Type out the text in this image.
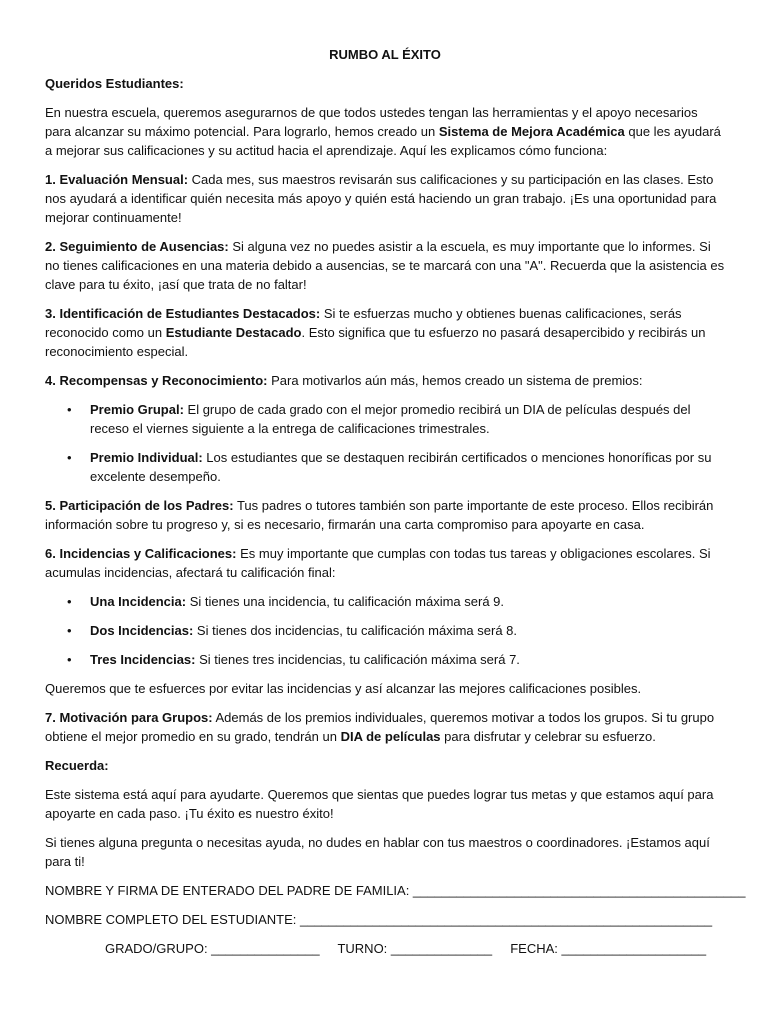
RUMBO AL ÉXITO

Queridos Estudiantes:

En nuestra escuela, queremos asegurarnos de que todos ustedes tengan las herramientas y el apoyo necesarios para alcanzar su máximo potencial. Para lograrlo, hemos creado un Sistema de Mejora Académica que les ayudará a mejorar sus calificaciones y su actitud hacia el aprendizaje. Aquí les explicamos cómo funciona:

1. Evaluación Mensual: Cada mes, sus maestros revisarán sus calificaciones y su participación en las clases. Esto nos ayudará a identificar quién necesita más apoyo y quién está haciendo un gran trabajo. ¡Es una oportunidad para mejorar continuamente!

2. Seguimiento de Ausencias: Si alguna vez no puedes asistir a la escuela, es muy importante que lo informes. Si no tienes calificaciones en una materia debido a ausencias, se te marcará con una "A". Recuerda que la asistencia es clave para tu éxito, ¡así que trata de no faltar!

3. Identificación de Estudiantes Destacados: Si te esfuerzas mucho y obtienes buenas calificaciones, serás reconocido como un Estudiante Destacado. Esto significa que tu esfuerzo no pasará desapercibido y recibirás un reconocimiento especial.

4. Recompensas y Reconocimiento: Para motivarlos aún más, hemos creado un sistema de premios:

• Premio Grupal: El grupo de cada grado con el mejor promedio recibirá un DIA de películas después del receso el viernes siguiente a la entrega de calificaciones trimestrales.
• Premio Individual: Los estudiantes que se destaquen recibirán certificados o menciones honoríficas por su excelente desempeño.

5. Participación de los Padres: Tus padres o tutores también son parte importante de este proceso. Ellos recibirán información sobre tu progreso y, si es necesario, firmarán una carta compromiso para apoyarte en casa.

6. Incidencias y Calificaciones: Es muy importante que cumplas con todas tus tareas y obligaciones escolares. Si acumulas incidencias, afectará tu calificación final:

• Una Incidencia: Si tienes una incidencia, tu calificación máxima será 9.
• Dos Incidencias: Si tienes dos incidencias, tu calificación máxima será 8.
• Tres Incidencias: Si tienes tres incidencias, tu calificación máxima será 7.

Queremos que te esfuerces por evitar las incidencias y así alcanzar las mejores calificaciones posibles.

7. Motivación para Grupos: Además de los premios individuales, queremos motivar a todos los grupos. Si tu grupo obtiene el mejor promedio en su grado, tendrán un DIA de películas para disfrutar y celebrar su esfuerzo.

Recuerda:

Este sistema está aquí para ayudarte. Queremos que sientas que puedes lograr tus metas y que estamos aquí para apoyarte en cada paso. ¡Tu éxito es nuestro éxito!

Si tienes alguna pregunta o necesitas ayuda, no dudes en hablar con tus maestros o coordinadores. ¡Estamos aquí para ti!

NOMBRE Y FIRMA DE ENTERADO DEL PADRE DE FAMILIA: ______________________________________________

NOMBRE COMPLETO DEL ESTUDIANTE: _________________________________________________________

GRADO/GRUPO: _______________ TURNO: ______________ FECHA: ____________________
